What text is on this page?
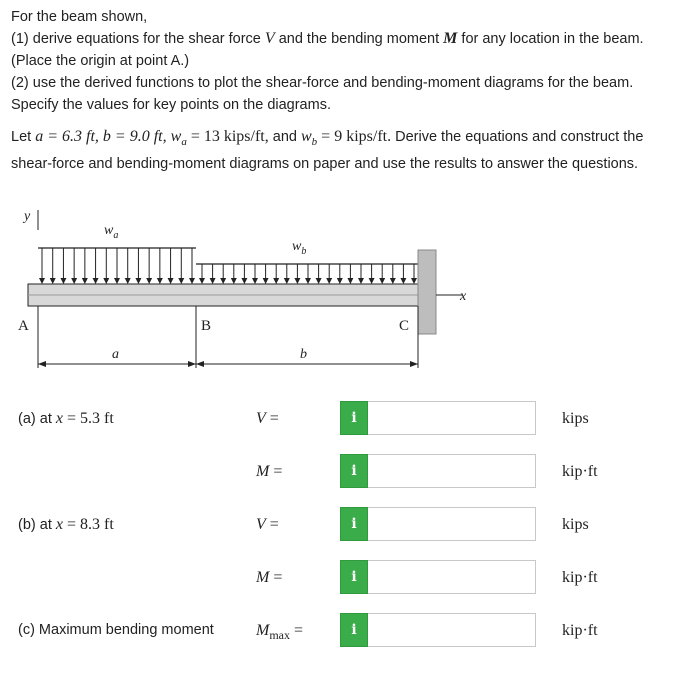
For the beam shown,

(1) derive equations for the shear force V and the bending moment M for any location in the beam. (Place the origin at point A.)

(2) use the derived functions to plot the shear-force and bending-moment diagrams for the beam. Specify the values for key points on the diagrams.

Let a = 6.3 ft, b = 9.0 ft, $w_a = 13$ kips/ft, and $w_b = 9$ kips/ft. Derive the equations and construct the shear-force and bending-moment diagrams on paper and use the results to answer the questions.

y
$w_a$
$w_b$
x
A	B	C
a	b
(a) at x = 5.3 ft	V =	i	kips
M =	i	kip·ft
(b) at x = 8.3 ft	V =	i	kips
M =	i	kip·ft
(c) Maximum bending moment	$M_{max}$ =	i	kip·ft
